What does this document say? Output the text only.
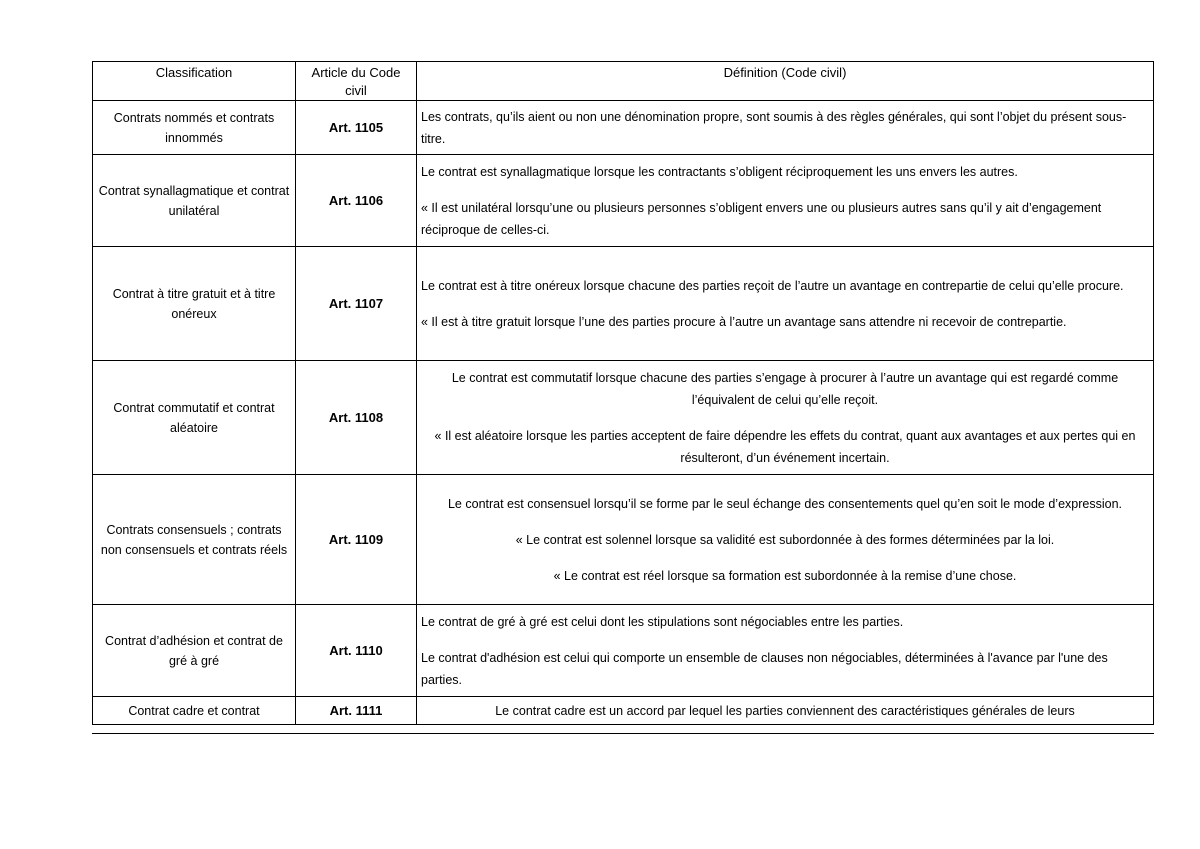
Classification	Article du Code civil	Définition (Code civil)
Contrats nommés et contrats innommés	Art. 1105	Les contrats, qu’ils aient ou non une dénomination propre, sont soumis à des règles générales, qui sont l’objet du présent sous-titre.

Contrat synallagmatique et contrat unilatéral	Art. 1106	Le contrat est synallagmatique lorsque les contractants s’obligent réciproquement les uns envers les autres.

« Il est unilatéral lorsqu’une ou plusieurs personnes s’obligent envers une ou plusieurs autres sans qu’il y ait d’engagement réciproque de celles-ci.

Contrat à titre gratuit et à titre onéreux	Art. 1107	Le contrat est à titre onéreux lorsque chacune des parties reçoit de l’autre un avantage en contrepartie de celui qu’elle procure.

« Il est à titre gratuit lorsque l’une des parties procure à l’autre un avantage sans attendre ni recevoir de contrepartie.

Contrat commutatif et contrat aléatoire	Art. 1108	Le contrat est commutatif lorsque chacune des parties s’engage à procurer à l’autre un avantage qui est regardé comme l’équivalent de celui qu’elle reçoit.

« Il est aléatoire lorsque les parties acceptent de faire dépendre les effets du contrat, quant aux avantages et aux pertes qui en résulteront, d’un événement incertain.

Contrats consensuels ; contrats non consensuels et contrats réels	Art. 1109	Le contrat est consensuel lorsqu’il se forme par le seul échange des consentements quel qu’en soit le mode d’expression.

« Le contrat est solennel lorsque sa validité est subordonnée à des formes déterminées par la loi.

« Le contrat est réel lorsque sa formation est subordonnée à la remise d’une chose.

Contrat d’adhésion et contrat de gré à gré	Art. 1110	Le contrat de gré à gré est celui dont les stipulations sont négociables entre les parties.

Le contrat d'adhésion est celui qui comporte un ensemble de clauses non négociables, déterminées à l'avance par l'une des parties.

Contrat cadre et contrat	Art. 1111	Le contrat cadre est un accord par lequel les parties conviennent des caractéristiques générales de leurs
